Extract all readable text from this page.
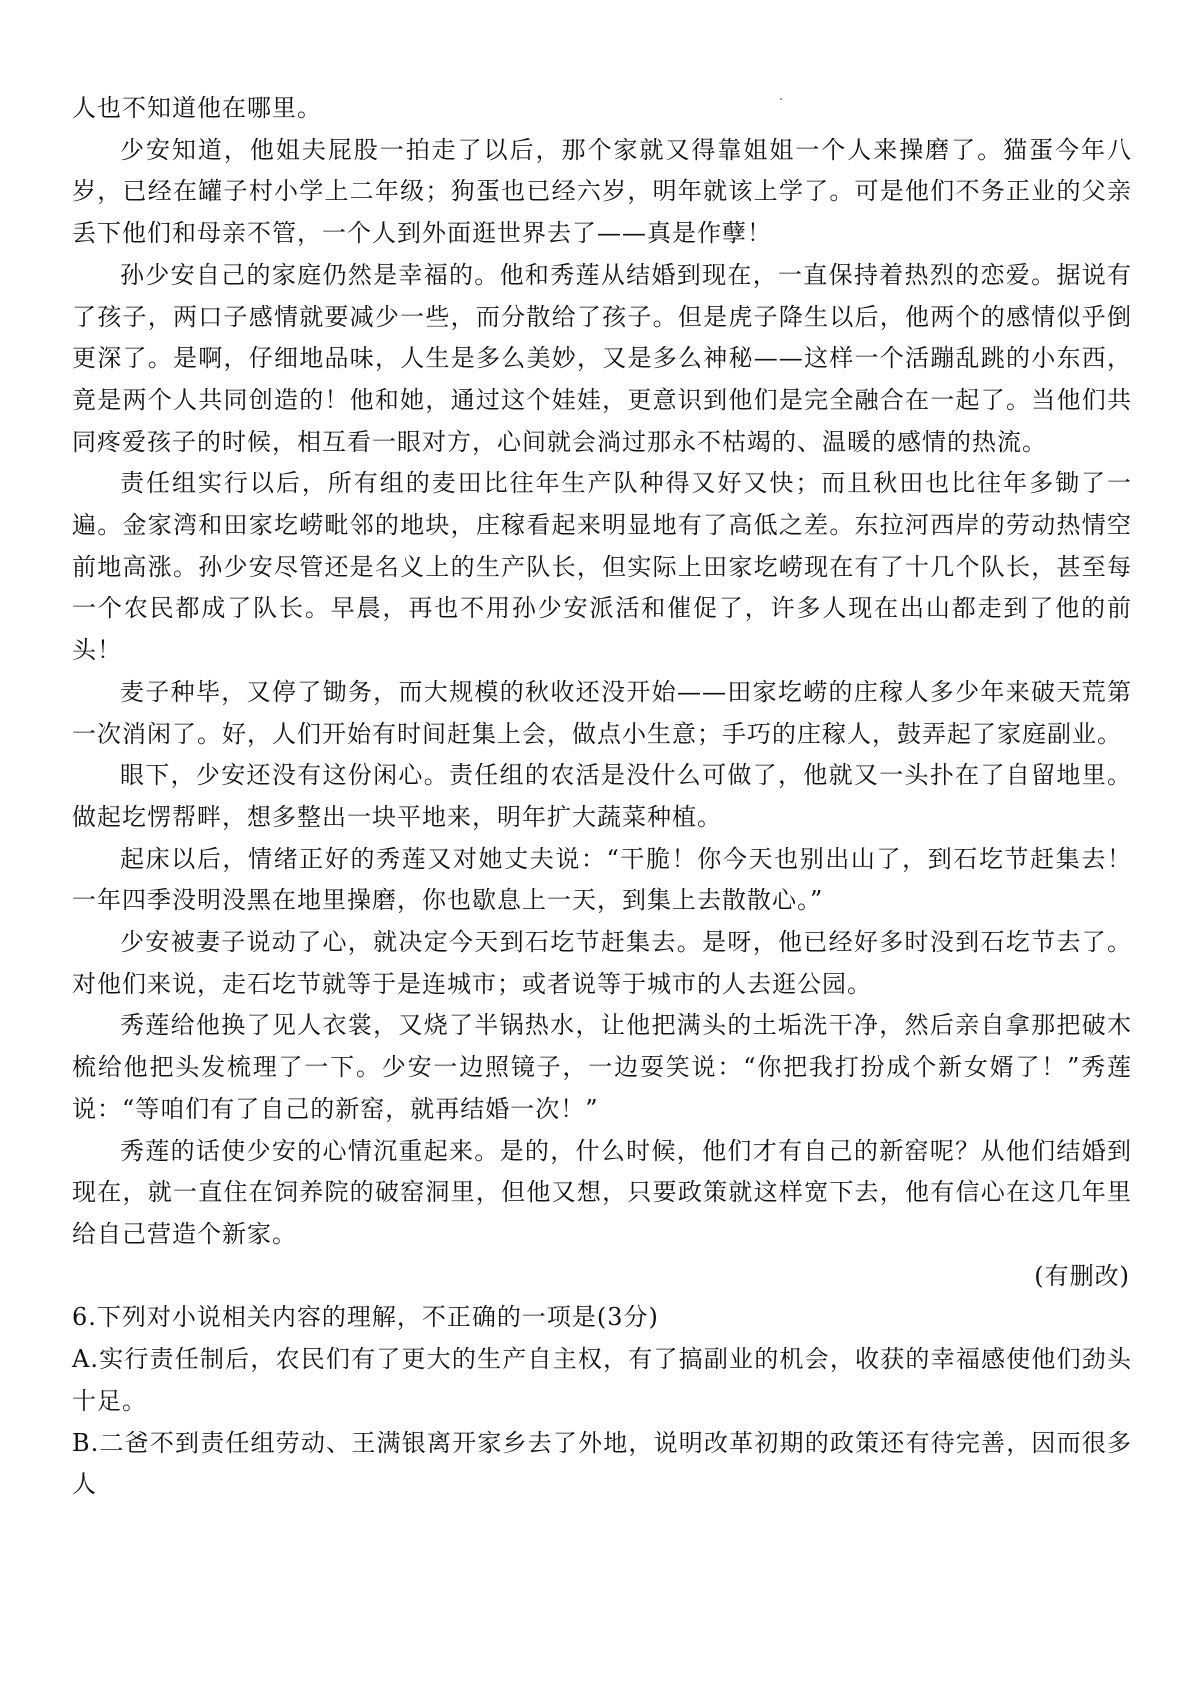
人也不知道他在哪里。

少安知道，他姐夫屁股一拍走了以后，那个家就又得靠姐姐一个人来操磨了。猫蛋今年八岁，已经在罐子村小学上二年级；狗蛋也已经六岁，明年就该上学了。可是他们不务正业的父亲丢下他们和母亲不管，一个人到外面逛世界去了——真是作孽！

孙少安自己的家庭仍然是幸福的。他和秀莲从结婚到现在，一直保持着热烈的恋爱。据说有了孩子，两口子感情就要减少一些，而分散给了孩子。但是虎子降生以后，他两个的感情似乎倒更深了。是啊，仔细地品味，人生是多么美妙，又是多么神秘——这样一个活蹦乱跳的小东西，竟是两个人共同创造的！他和她，通过这个娃娃，更意识到他们是完全融合在一起了。当他们共同疼爱孩子的时候，相互看一眼对方，心间就会淌过那永不枯竭的、温暖的感情的热流。

责任组实行以后，所有组的麦田比往年生产队种得又好又快；而且秋田也比往年多锄了一遍。金家湾和田家圪崂毗邻的地块，庄稼看起来明显地有了高低之差。东拉河西岸的劳动热情空前地高涨。孙少安尽管还是名义上的生产队长，但实际上田家圪崂现在有了十几个队长，甚至每一个农民都成了队长。早晨，再也不用孙少安派活和催促了，许多人现在出山都走到了他的前头！

麦子种毕，又停了锄务，而大规模的秋收还没开始——田家圪崂的庄稼人多少年来破天荒第一次消闲了。好，人们开始有时间赶集上会，做点小生意；手巧的庄稼人，鼓弄起了家庭副业。

眼下，少安还没有这份闲心。责任组的农活是没什么可做了，他就又一头扑在了自留地里。做起圪愣帮畔，想多整出一块平地来，明年扩大蔬菜种植。

起床以后，情绪正好的秀莲又对她丈夫说：“干脆！你今天也别出山了，到石圪节赶集去！一年四季没明没黑在地里操磨，你也歇息上一天，到集上去散散心。”

少安被妻子说动了心，就决定今天到石圪节赶集去。是呀，他已经好多时没到石圪节去了。对他们来说，走石圪节就等于是连城市；或者说等于城市的人去逛公园。

秀莲给他换了见人衣裳，又烧了半锅热水，让他把满头的土垢洗干净，然后亲自拿那把破木梳给他把头发梳理了一下。少安一边照镜子，一边耍笑说：“你把我打扮成个新女婿了！”秀莲说：“等咱们有了自己的新窑，就再结婚一次！”

秀莲的话使少安的心情沉重起来。是的，什么时候，他们才有自己的新窑呢？从他们结婚到现在，就一直住在饲养院的破窑洞里，但他又想，只要政策就这样宽下去，他有信心在这几年里给自己营造个新家。

(有删改)

6.下列对小说相关内容的理解，不正确的一项是(3分)

A.实行责任制后，农民们有了更大的生产自主权，有了搞副业的机会，收获的幸福感使他们劲头十足。

B.二爸不到责任组劳动、王满银离开家乡去了外地，说明改革初期的政策还有待完善，因而很多人
